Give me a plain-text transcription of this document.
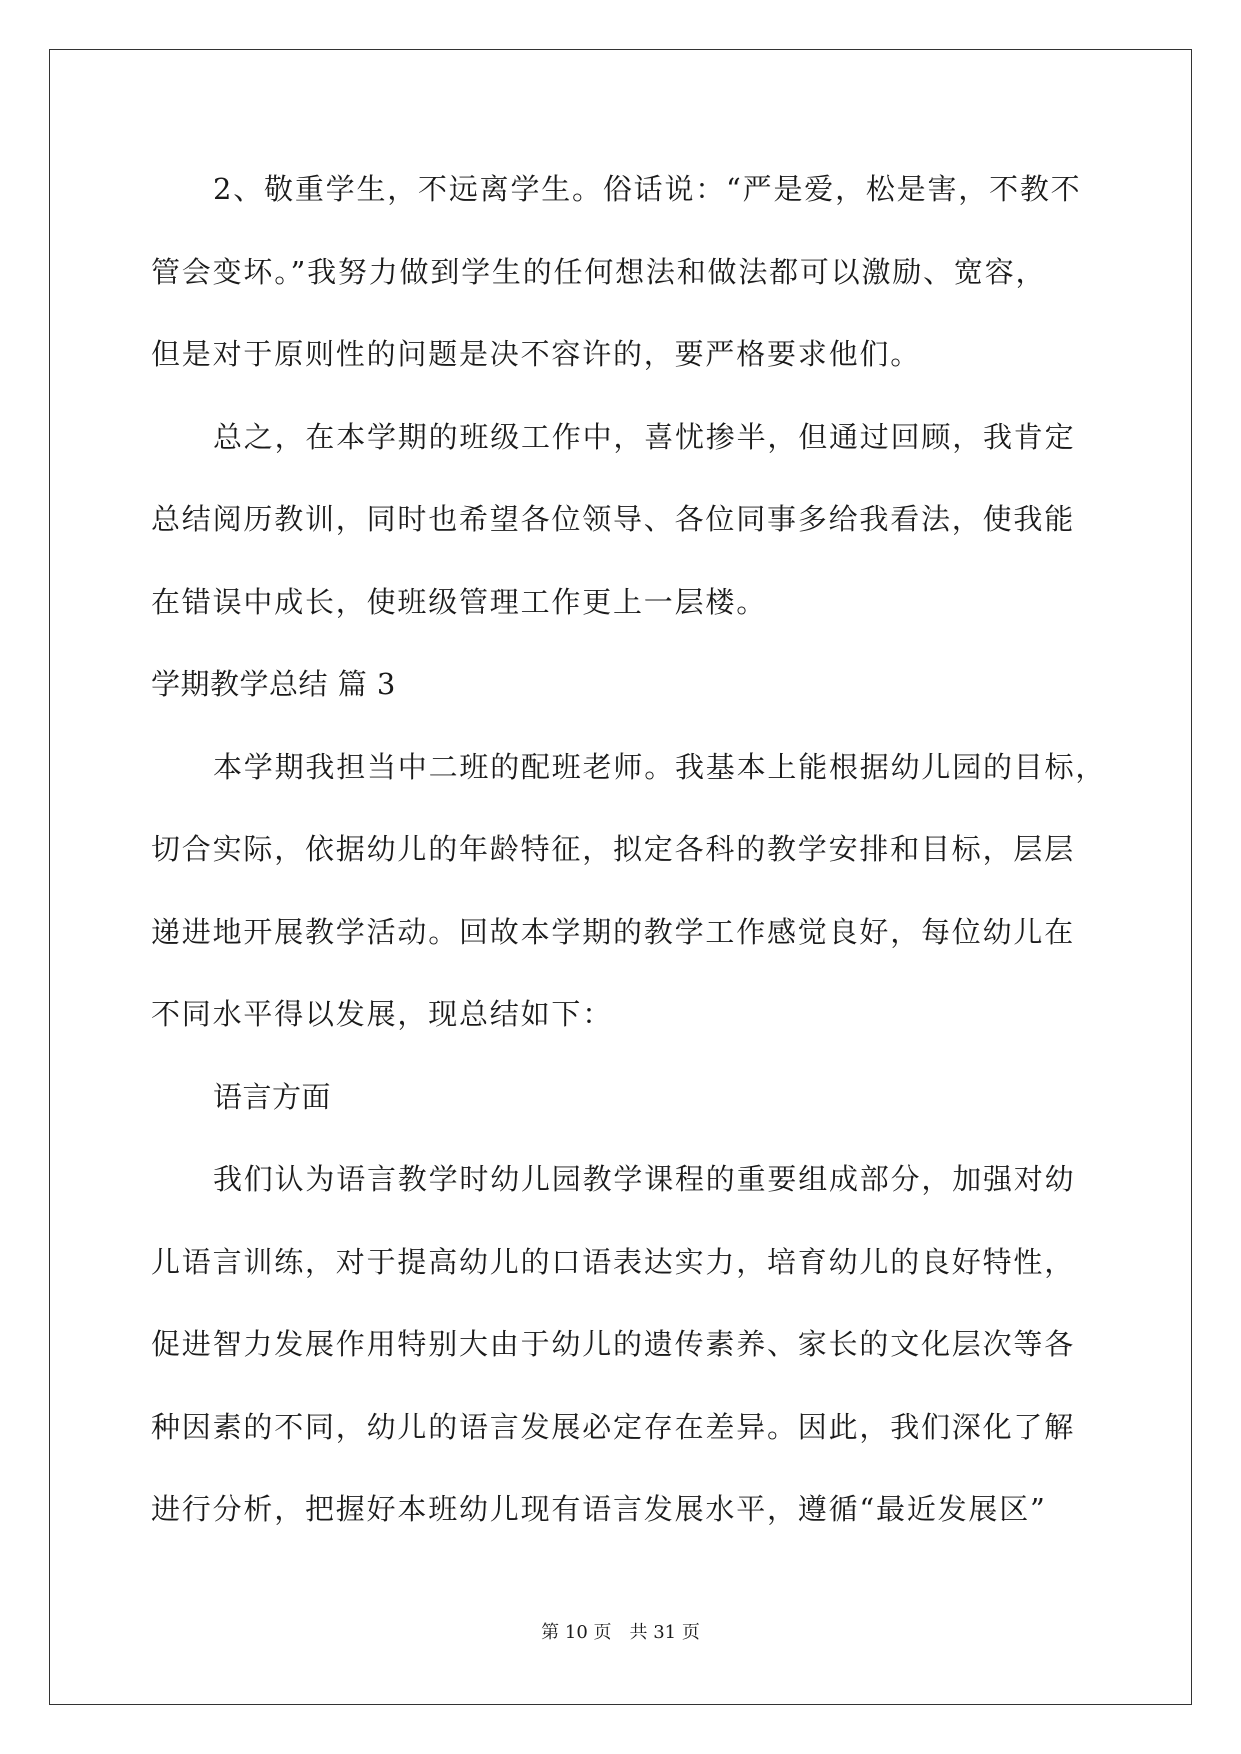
2、敬重学生，不远离学生。俗话说：“严是爱，松是害，不教不
管会变坏。”我努力做到学生的任何想法和做法都可以激励、宽容，
但是对于原则性的问题是决不容许的，要严格要求他们。
总之，在本学期的班级工作中，喜忧掺半，但通过回顾，我肯定
总结阅历教训，同时也希望各位领导、各位同事多给我看法，使我能
在错误中成长，使班级管理工作更上一层楼。
学期教学总结 篇 3
本学期我担当中二班的配班老师。我基本上能根据幼儿园的目标，
切合实际，依据幼儿的年龄特征，拟定各科的教学安排和目标，层层
递进地开展教学活动。回故本学期的教学工作感觉良好，每位幼儿在
不同水平得以发展，现总结如下：
语言方面
我们认为语言教学时幼儿园教学课程的重要组成部分，加强对幼
儿语言训练，对于提高幼儿的口语表达实力，培育幼儿的良好特性，
促进智力发展作用特别大由于幼儿的遗传素养、家长的文化层次等各
种因素的不同，幼儿的语言发展必定存在差异。因此，我们深化了解
进行分析，把握好本班幼儿现有语言发展水平，遵循“最近发展区”
第 10 页 共 31 页
